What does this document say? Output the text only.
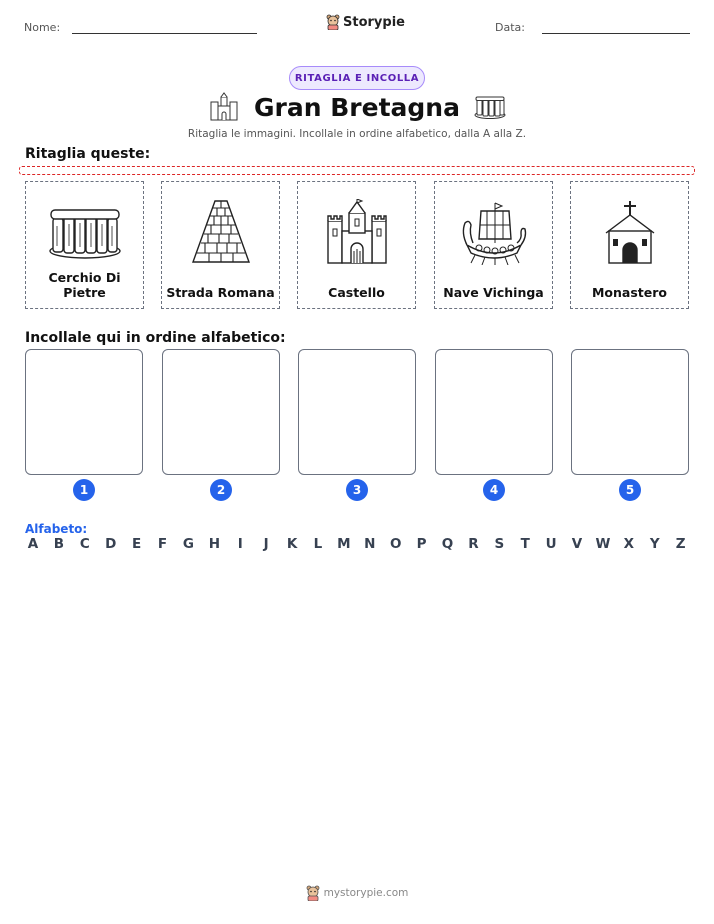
Nome:	Storypie	Data:
RITAGLIA E INCOLLA
Gran Bretagna
Ritaglia le immagini. Incollale in ordine alfabetico, dalla A alla Z.
Ritaglia queste:
Cerchio Di Pietre	Strada Romana	Castello	Nave Vichinga	Monastero
Incollale qui in ordine alfabetico:
1	2	3	4	5
Alfabeto:
A B C D E F G H	I	J	K L M N O P Q R S T U V W X Y Z
mystorypie.com
